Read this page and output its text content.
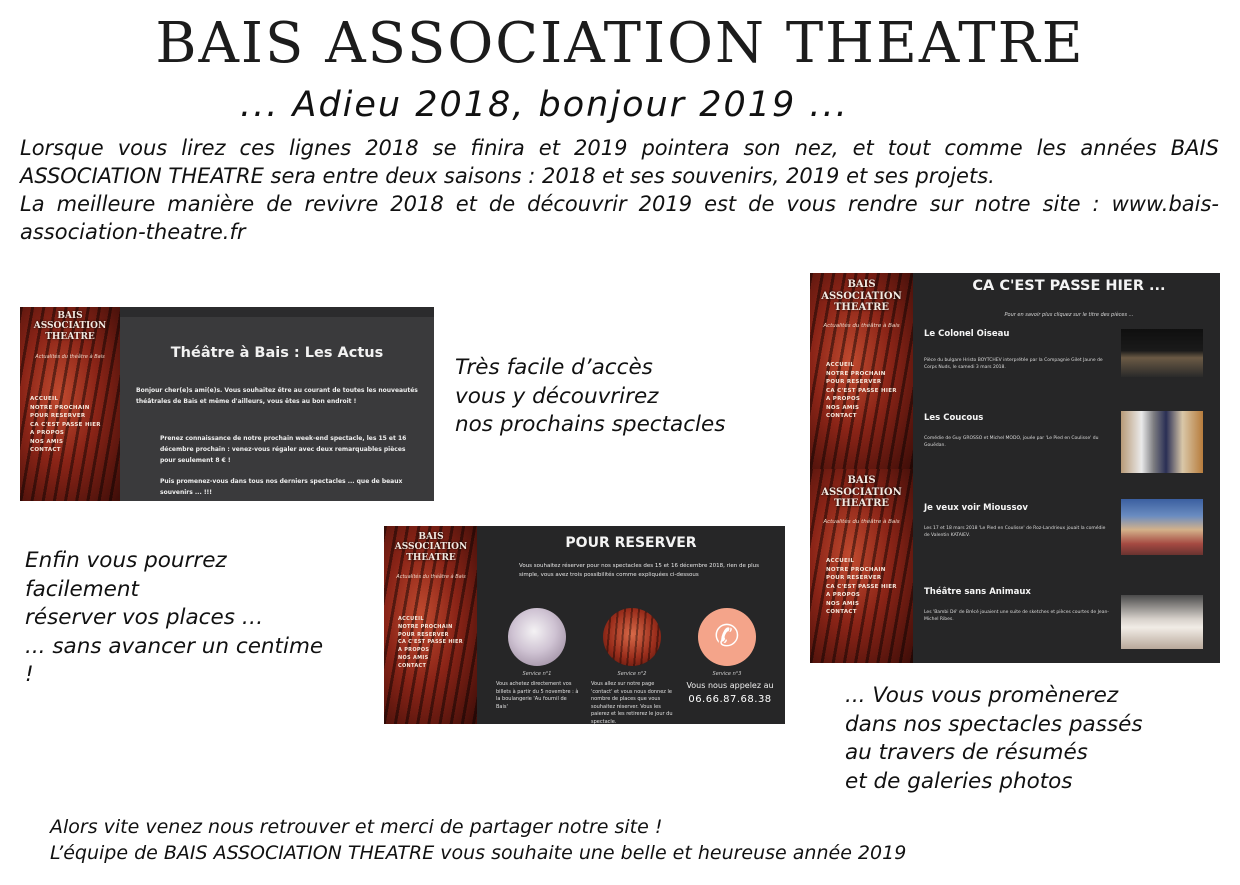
BAIS ASSOCIATION THEATRE
... Adieu 2018, bonjour 2019 ...

Lorsque vous lirez ces lignes 2018 se finira et 2019 pointera son nez, et tout comme les années BAIS ASSOCIATION THEATRE sera entre deux saisons : 2018 et ses souvenirs, 2019 et ses projets.

La meilleure manière de revivre 2018 et de découvrir 2019 est de vous rendre sur notre site : www.bais-association-theatre.fr

BAIS
ASSOCIATION
THEATRE
Actualités du théâtre à Bais
ACCUEIL
NOTRE PROCHAIN
POUR RESERVER
CA C'EST PASSE HIER
A PROPOS
NOS AMIS
CONTACT
Théâtre à Bais : Les Actus
Bonjour cher(e)s ami(e)s. Vous souhaitez être au courant de toutes les nouveautés théâtrales de Bais et même d'ailleurs, vous êtes au bon endroit !
Prenez connaissance de notre prochain week-end spectacle, les 15 et 16 décembre prochain : venez-vous régaler avec deux remarquables pièces pour seulement 8 € !
Puis promenez-vous dans tous nos derniers spectacles ... que de beaux souvenirs ... !!!
Très facile d’accès
vous y découvrirez
nos prochains spectacles
BAIS
ASSOCIATION
THEATRE
Actualités du théâtre à Bais
ACCUEIL
NOTRE PROCHAIN
POUR RESERVER
CA C'EST PASSE HIER
A PROPOS
NOS AMIS
CONTACT
BAIS
ASSOCIATION
THEATRE
Actualités du théâtre à Bais
ACCUEIL
NOTRE PROCHAIN
POUR RESERVER
CA C'EST PASSE HIER
A PROPOS
NOS AMIS
CONTACT
CA C'EST PASSE HIER ...
Pour en savoir plus cliquez sur le titre des pièces ...
Le Colonel Oiseau
Pièce du bulgare Hristo BOYTCHEV interprétée par la Compagnie Gilet Jaune de Corps Nuds, le samedi 3 mars 2018.
Les Coucous
Comédie de Guy GROSSO et Michel MODO, jouée par 'Le Pied en Coulisse' du Gouëdan.
Je veux voir Mioussov
Les 17 et 18 mars 2018 'Le Pied en Coulisse' de Roz-Landrieux jouait la comédie de Valentin KATAIEV.
Théâtre sans Animaux
Les 'Bambi Dé' de Brécé jouaient une suite de sketches et pièces courtes de Jean-Michel Ribes.
BAIS
ASSOCIATION
THEATRE
Actualités du théâtre à Bais
ACCUEIL
NOTRE PROCHAIN
POUR RESERVER
CA C'EST PASSE HIER
A PROPOS
NOS AMIS
CONTACT
POUR RESERVER
Vous souhaitez réserver pour nos spectacles des 15 et 16 décembre 2018, rien de plus simple, vous avez trois possibilités comme expliquées ci-dessous
✆
Service n°1	Service n°2	Service n°3
Vous achetez directement vos billets à partir du 5 novembre : à la boulangerie 'Au fournil de Bais'
Vous allez sur notre page 'contact' et vous nous donnez le nombre de places que vous souhaitez réserver. Vous les paierez et les retirerez le jour du spectacle.
Vous nous appelez au
06.66.87.68.38
Enfin vous pourrez
facilement
réserver vos places …
... sans avancer un centime
!
... Vous vous promènerez
dans nos spectacles passés
au travers de résumés
et de galeries photos
Alors vite venez nous retrouver et merci de partager notre site !
L’équipe de BAIS ASSOCIATION THEATRE vous souhaite une belle et heureuse année 2019
